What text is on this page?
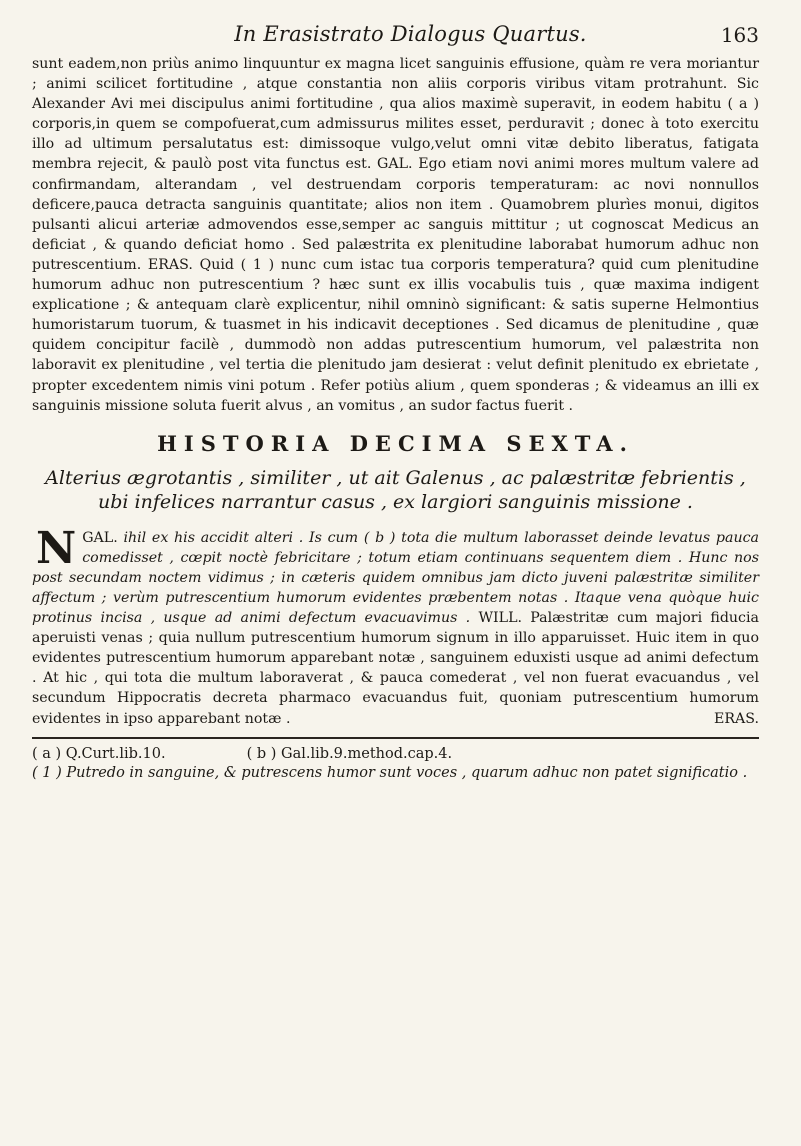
In Erasistrato Dialogus Quartus.	163

sunt eadem,non priùs animo linquuntur ex magna licet sanguinis effusione, quàm re vera moriantur ; animi scilicet fortitudine , atque constantia non aliis corporis viribus vitam protrahunt. Sic Alexander Avi mei discipulus animi fortitudine , qua alios maximè superavit, in eodem habitu ( a ) corporis,in quem se compofuerat,cum admissurus milites esset, perduravit ; donec à toto exercitu illo ad ultimum persalutatus est: dimissoque vulgo,velut omni vitæ debito liberatus, fatigata membra rejecit, & paulò post vita functus est. GAL. Ego etiam novi animi mores multum valere ad confirmandam, alterandam , vel destruendam corporis temperaturam: ac novi nonnullos deficere,pauca detracta sanguinis quantitate; alios non item . Quamobrem plurìes monui, digitos pulsanti alicui arteriæ admovendos esse,semper ac sanguis mittitur ; ut cognoscat Medicus an deficiat , & quando deficiat homo . Sed palæstrita ex plenitudine laborabat humorum adhuc non putrescentium. ERAS. Quid ( 1 ) nunc cum istac tua corporis temperatura? quid cum plenitudine humorum adhuc non putrescentium ? hæc sunt ex illis vocabulis tuis , quæ maxima indigent explicatione ; & antequam clarè explicentur, nihil omninò significant: & satis superne Helmontius humoristarum tuorum, & tuasmet in his indicavit deceptiones . Sed dicamus de plenitudine , quæ quidem concipitur facilè , dummodò non addas putrescentium humorum, vel palæstrita non laboravit ex plenitudine , vel tertia die plenitudo jam desierat : velut definit plenitudo ex ebrietate , propter excedentem nimis vini potum . Refer potiùs alium , quem sponderas ; & videamus an illi ex sanguinis missione soluta fuerit alvus , an vomitus , an sudor factus fuerit .

HISTORIA DECIMA SEXTA.
Alterius ægrotantis , similiter , ut ait Galenus , ac palæstritæ febrientis , ubi infelices narrantur casus , ex largiori sanguinis missione .
GAL.
N	ihil ex his accidit alteri . Is cum ( b ) tota die multum laborasset deinde levatus pauca comedisset , cœpit noctè febricitare ; totum etiam continuans sequentem diem . Hunc nos post secundam noctem vidimus ; in cæteris quidem omnibus jam dicto juveni palæstritæ similiter affectum ; verùm putrescentium humorum evidentes præbentem notas . Itaque vena quòque huic protinus incisa , usque ad animi defectum evacuavimus . WILL. Palæstritæ cum majori fiducia aperuisti venas ; quia nullum putrescentium humorum signum in illo apparuisset. Huic item in quo evidentes putrescentium humorum apparebant notæ , sanguinem eduxisti usque ad animi defectum . At hic , qui tota die multum laboraverat , & pauca comederat , vel non fuerat evacuandus , vel secundum Hippocratis decreta pharmaco evacuandus fuit, quoniam putrescentium humorum evidentes in ipso apparebant notæ .	ERAS.

( a ) Q.Curt.lib.10.	( b ) Gal.lib.9.method.cap.4.

( 1 ) Putredo in sanguine, & putrescens humor sunt voces , quarum adhuc non patet significatio .
